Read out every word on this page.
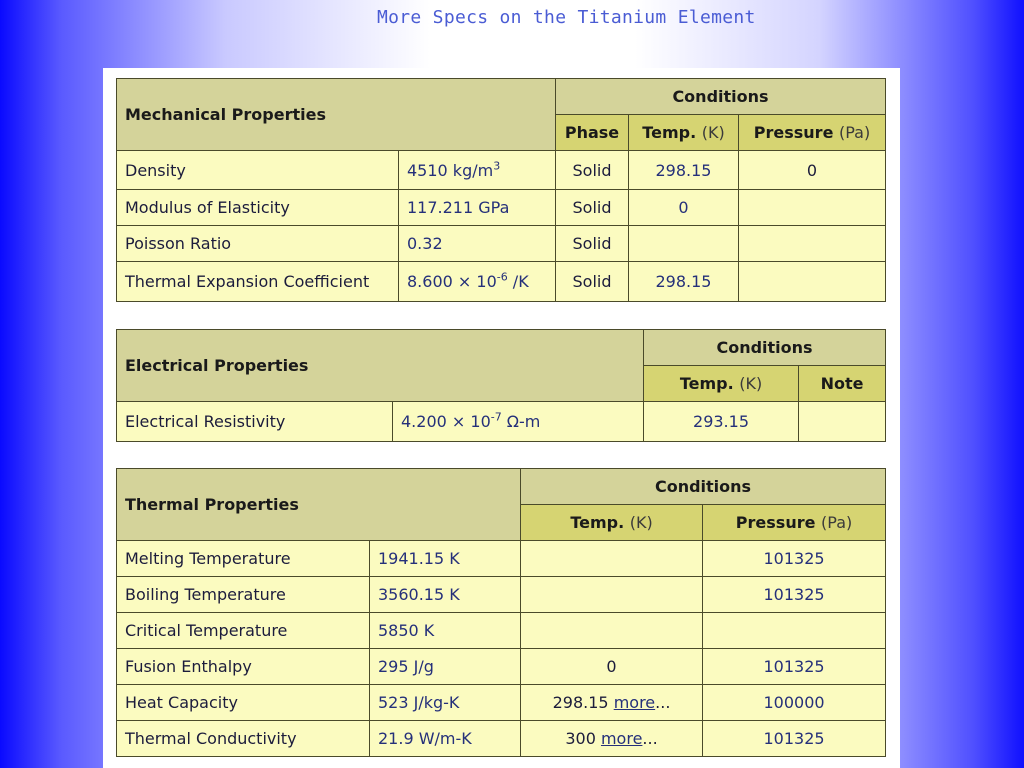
More Specs on the Titanium Element
Mechanical Properties		Conditions		
		Phase	Temp. (K)	Pressure (Pa)
Density	4510 $kg/m^3$	Solid	298.15	0
Modulus of Elasticity	117.211 GPa	Solid	0	
Poisson Ratio	0.32	Solid		
Thermal Expansion Coefficient	$8.600 \times 10^{-6}$ /K	Solid	298.15	
Electrical Properties		Conditions	
		Temp. (K)	Note
Electrical Resistivity	$4.200 \times 10^{-7}$ Ω-m	293.15	
Thermal Properties		Conditions	
		Temp. (K)	Pressure (Pa)
Melting Temperature	1941.15 K		101325
Boiling Temperature	3560.15 K		101325
Critical Temperature	5850 K		
Fusion Enthalpy	295 J/g	0	101325
Heat Capacity	523 J/kg-K	298.15 more...	100000
Thermal Conductivity	21.9 W/m-K	300 more...	101325
